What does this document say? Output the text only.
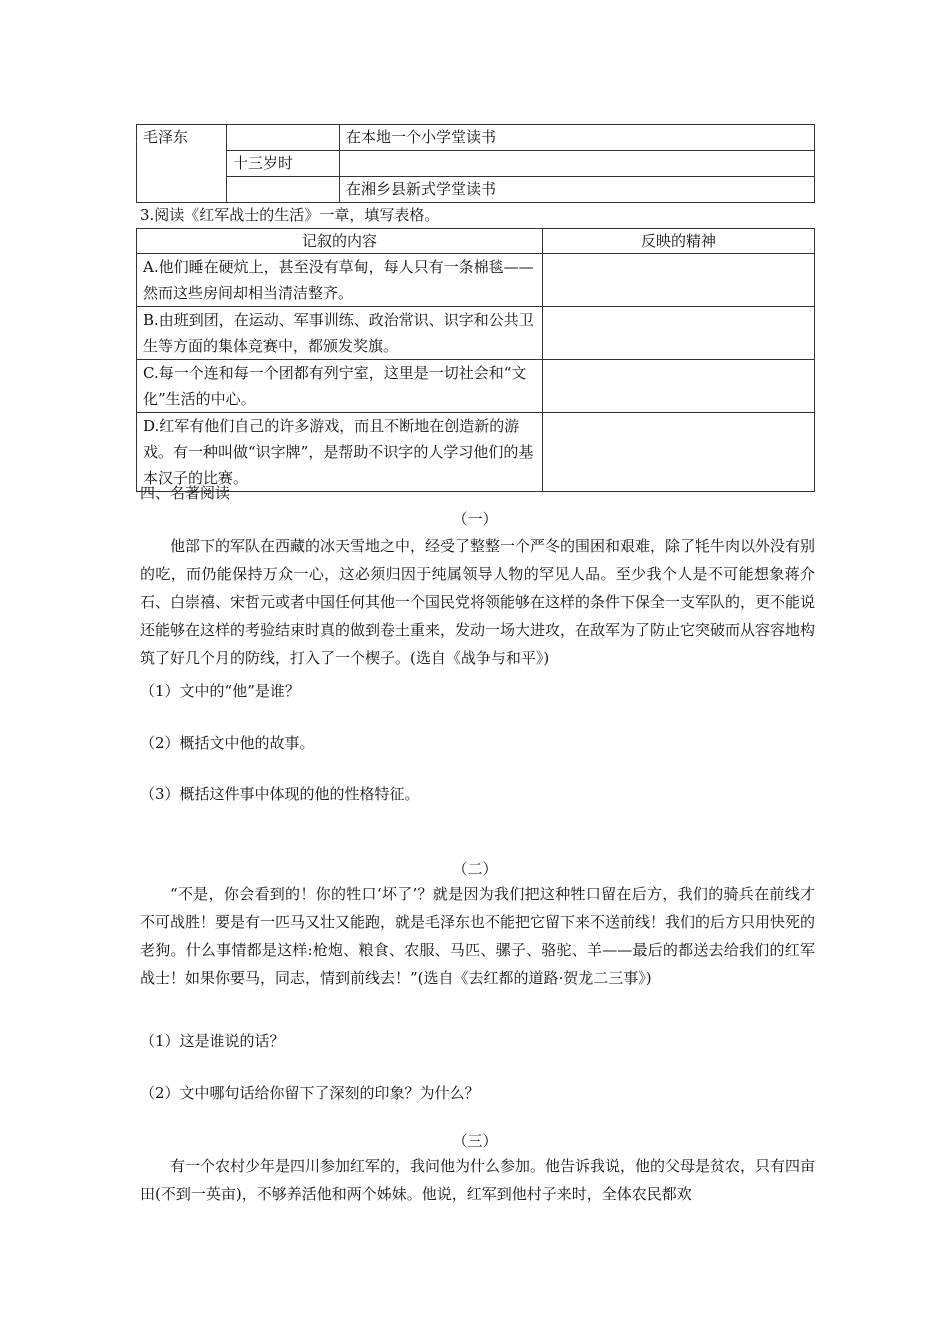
毛泽东		在本地一个小学堂读书
	十三岁时	
		在湘乡县新式学堂读书
3.阅读《红军战士的生活》一章，填写表格。
记叙的内容	反映的精神
A.他们睡在硬炕上，甚至没有草甸，每人只有一条棉毯——然而这些房间却相当清洁整齐。	
B.由班到团，在运动、军事训练、政治常识、识字和公共卫生等方面的集体竞赛中，都颁发奖旗。	
C.每一个连和每一个团都有列宁室，这里是一切社会和“文化”生活的中心。	
D.红军有他们自己的许多游戏，而且不断地在创造新的游戏。有一种叫做“识字牌”，是帮助不识字的人学习他们的基本汉子的比赛。	
四、名著阅读
（一）
他部下的军队在西藏的冰天雪地之中，经受了整整一个严冬的围困和艰难，除了牦牛肉以外没有别的吃，而仍能保持万众一心，这必须归因于纯属领导人物的罕见人品。至少我个人是不可能想象蒋介石、白崇禧、宋哲元或者中国任何其他一个国民党将领能够在这样的条件下保全一支军队的，更不能说还能够在这样的考验结束时真的做到卷土重来，发动一场大进攻，在敌军为了防止它突破而从容容地构筑了好几个月的防线，打入了一个楔子。(选自《战争与和平》)
（1）文中的“他”是谁？
（2）概括文中他的故事。
（3）概括这件事中体现的他的性格特征。
（二）
“不是，你会看到的！你的牲口‘坏了’？就是因为我们把这种牲口留在后方，我们的骑兵在前线才不可战胜！要是有一匹马又壮又能跑，就是毛泽东也不能把它留下来不送前线！我们的后方只用快死的老狗。什么事情都是这样:枪炮、粮食、农服、马匹、骡子、骆驼、羊——最后的都送去给我们的红军战士！如果你要马，同志，情到前线去！”(选自《去红都的道路·贺龙二三事》)
（1）这是谁说的话？
（2）文中哪句话给你留下了深刻的印象？为什么？
（三）
有一个农村少年是四川参加红军的，我问他为什么参加。他告诉我说，他的父母是贫农，只有四亩田(不到一英亩)，不够养活他和两个姊妹。他说，红军到他村子来时，全体农民都欢
